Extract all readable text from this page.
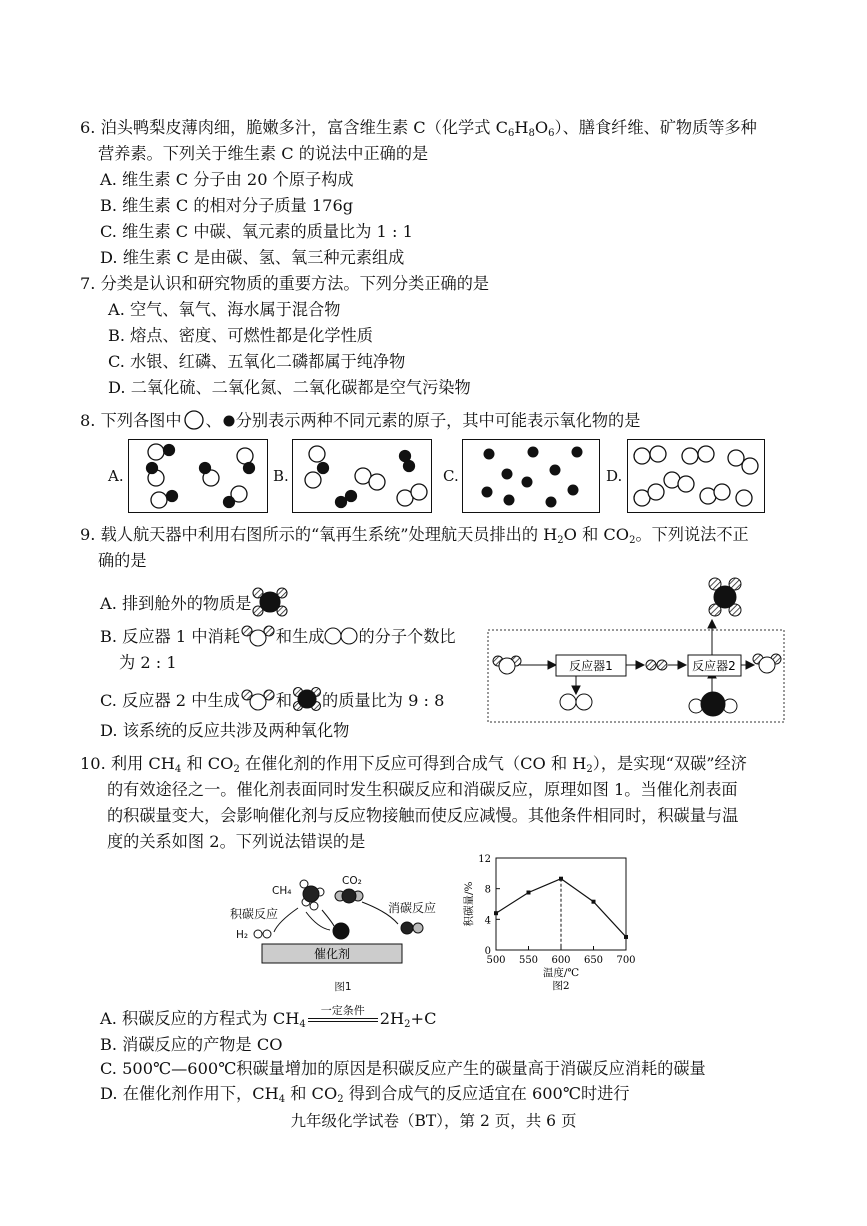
6. 泊头鸭梨皮薄肉细，脆嫩多汁，富含维生素 C（化学式 $C_6H_8O_6$）、膳食纤维、矿物质等多种
营养素。下列关于维生素 C 的说法中正确的是
A. 维生素 C 分子由 20 个原子构成
B. 维生素 C 的相对分子质量 176g
C. 维生素 C 中碳、氧元素的质量比为 1 : 1
D. 维生素 C 是由碳、氢、氧三种元素组成
7. 分类是认识和研究物质的重要方法。下列分类正确的是
A. 空气、氧气、海水属于混合物
B. 熔点、密度、可燃性都是化学性质
C. 水银、红磷、五氧化二磷都属于纯净物
D. 二氧化硫、二氧化氮、二氧化碳都是空气污染物
8. 下列各图中 、 分别表示两种不同元素的原子，其中可能表示氧化物的是
A.	B.	C.	D.
9. 载人航天器中利用右图所示的“氧再生系统”处理航天员排出的 $H_2O$ 和 $CO_2$。下列说法不正
确的是
A. 排到舱外的物质是
B. 反应器 1 中消耗 和生成 的分子个数比
为 2 : 1
C. 反应器 2 中生成 和 的质量比为 9 : 8
D. 该系统的反应共涉及两种氧化物
反应器1	反应器2
10. 利用 $CH_4$ 和 $CO_2$ 在催化剂的作用下反应可得到合成气（CO 和 $H_2$），是实现“双碳”经济
的有效途径之一。催化剂表面同时发生积碳反应和消碳反应，原理如图 1。当催化剂表面
的积碳量变大，会影响催化剂与反应物接触而使反应减慢。其他条件相同时，积碳量与温
度的关系如图 2。下列说法错误的是
CH₄
CO₂
积碳反应	消碳反应
H₂
图1
催化剂	0
4
8
12
500 550 600 650 700
温度/℃
图2
积碳量/%
A. 积碳反应的方程式为 $CH_4$
一定条件 $2H_2+C$
B. 消碳反应的产物是 CO
C. 500℃—600℃积碳量增加的原因是积碳反应产生的碳量高于消碳反应消耗的碳量
D. 在催化剂作用下，$CH_4$ 和 $CO_2$ 得到合成气的反应适宜在 600℃时进行
九年级化学试卷（BT），第 2 页，共 6 页
